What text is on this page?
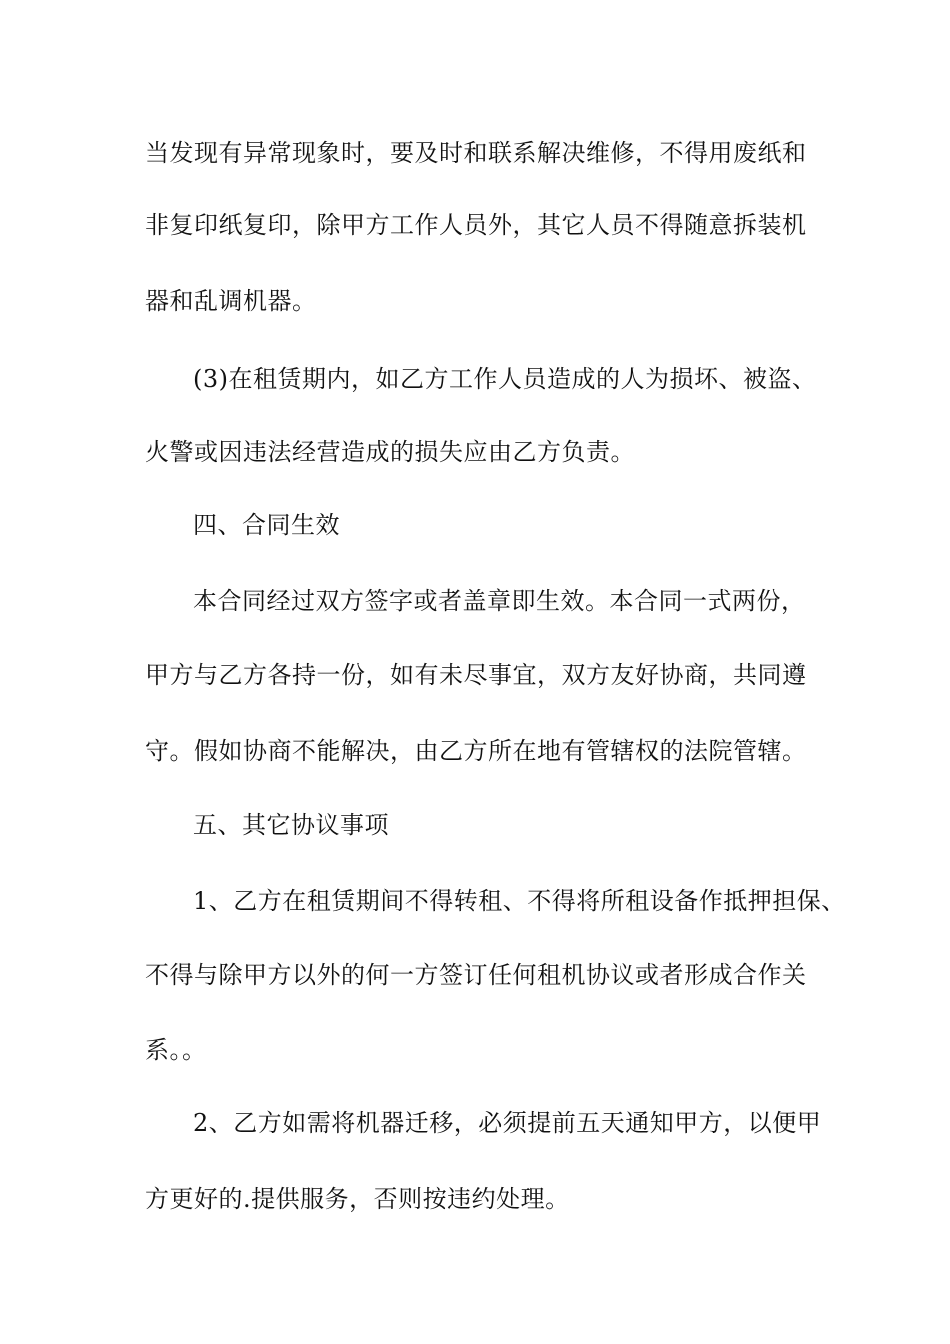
当发现有异常现象时，要及时和联系解决维修，不得用废纸和
非复印纸复印，除甲方工作人员外，其它人员不得随意拆装机
器和乱调机器。
(3)在租赁期内，如乙方工作人员造成的人为损坏、被盗、
火警或因违法经营造成的损失应由乙方负责。
四、合同生效
本合同经过双方签字或者盖章即生效。本合同一式两份，
甲方与乙方各持一份，如有未尽事宜，双方友好协商，共同遵
守。假如协商不能解决，由乙方所在地有管辖权的法院管辖。
五、其它协议事项
1、乙方在租赁期间不得转租、不得将所租设备作抵押担保、
不得与除甲方以外的何一方签订任何租机协议或者形成合作关
系。。
2、乙方如需将机器迁移，必须提前五天通知甲方，以便甲
方更好的.提供服务，否则按违约处理。
